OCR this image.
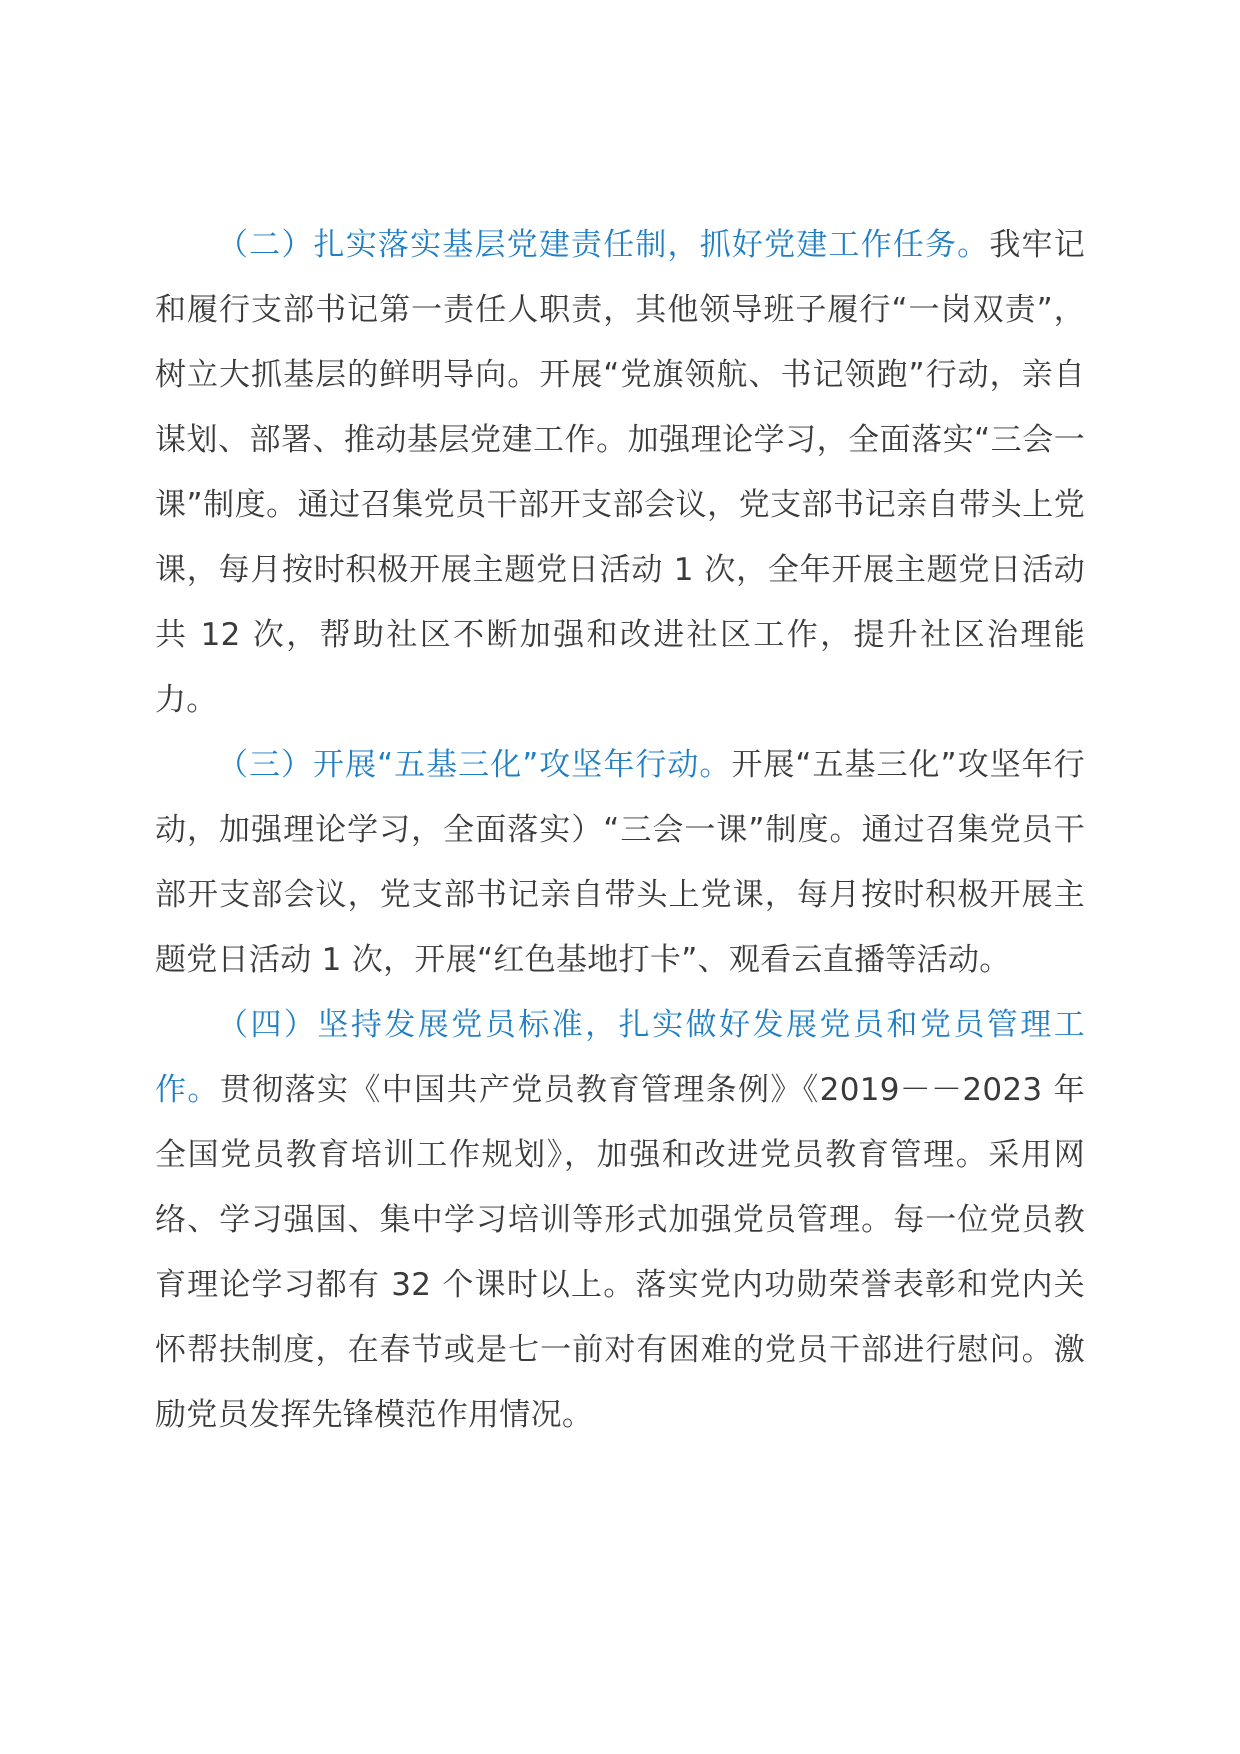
（二）扎实落实基层党建责任制，抓好党建工作任务。我牢记和履行支部书记第一责任人职责，其他领导班子履行“一岗双责”，树立大抓基层的鲜明导向。开展“党旗领航、书记领跑”行动，亲自谋划、部署、推动基层党建工作。加强理论学习，全面落实“三会一课”制度。通过召集党员干部开支部会议，党支部书记亲自带头上党课，每月按时积极开展主题党日活动 1 次，全年开展主题党日活动共 12 次，帮助社区不断加强和改进社区工作，提升社区治理能力。

（三）开展“五基三化”攻坚年行动。开展“五基三化”攻坚年行动，加强理论学习，全面落实）“三会一课”制度。通过召集党员干部开支部会议，党支部书记亲自带头上党课，每月按时积极开展主题党日活动 1 次，开展“红色基地打卡”、观看云直播等活动。

（四）坚持发展党员标准，扎实做好发展党员和党员管理工作。贯彻落实《中国共产党员教育管理条例》《2019－－2023 年全国党员教育培训工作规划》，加强和改进党员教育管理。采用网络、学习强国、集中学习培训等形式加强党员管理。每一位党员教育理论学习都有 32 个课时以上。落实党内功勋荣誉表彰和党内关怀帮扶制度，在春节或是七一前对有困难的党员干部进行慰问。激励党员发挥先锋模范作用情况。
